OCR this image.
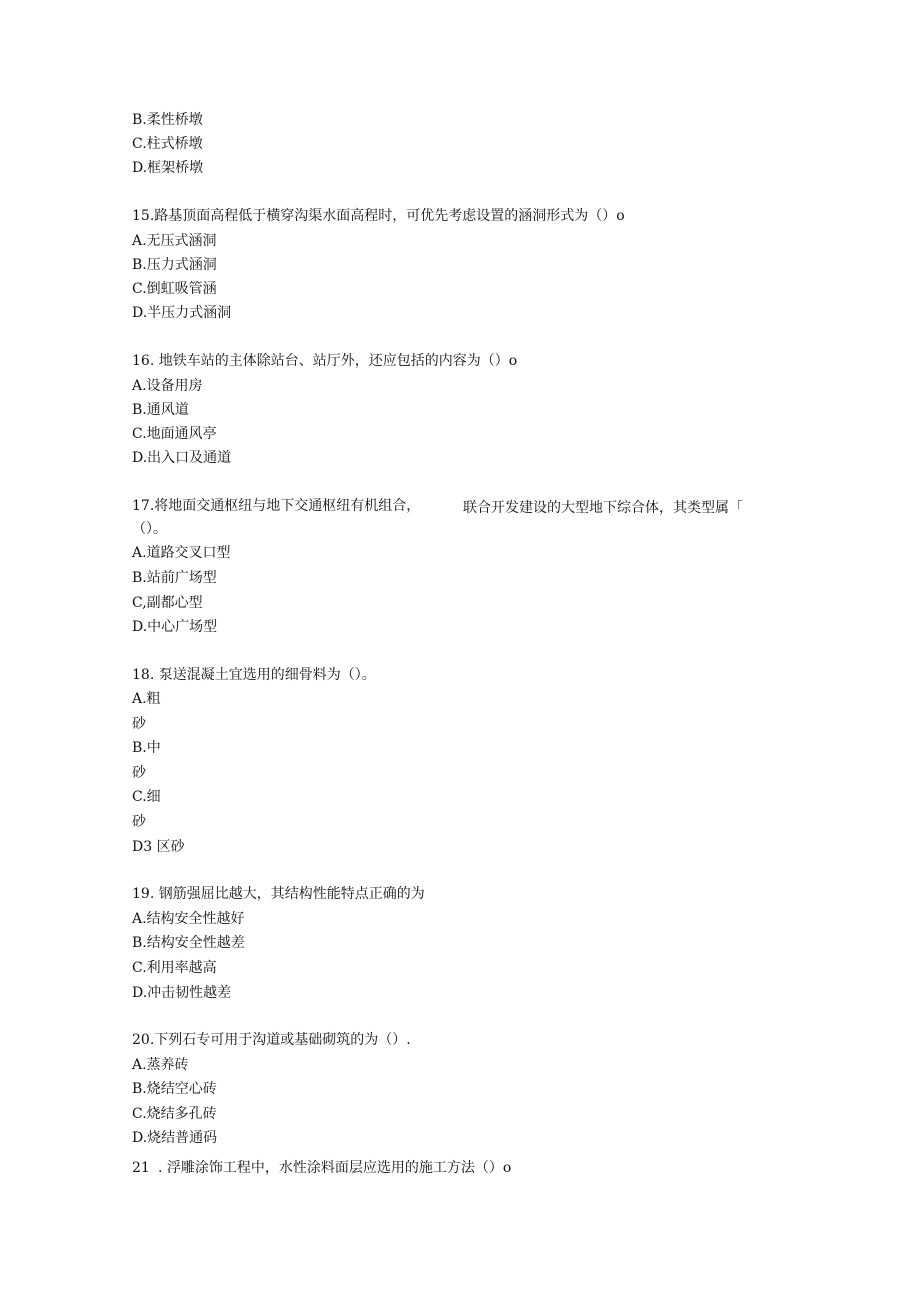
B.柔性桥墩
C.柱式桥墩
D.框架桥墩
15.路基顶面高程低于横穿沟渠水面高程时，可优先考虑设置的涵洞形式为（）o
A.无压式涵洞
B.压力式涵洞
C.倒虹吸管涵
D.半压力式涵洞
16. 地铁车站的主体除站台、站厅外，还应包括的内容为（）o
A.设备用房
B.通风道
C.地面通风亭
D.出入口及通道
17.将地面交通枢纽与地下交通枢纽有机组合，	联合开发建设的大型地下综合体，其类型属「
（）。
A.道路交叉口型
B.站前广场型
C,副都心型
D.中心广场型
18. 泵送混凝土宜选用的细骨料为（）。
A.粗
砂
B.中
砂
C.细
砂
D3 区砂
19. 钢筋强屈比越大，其结构性能特点正确的为
A.结构安全性越好
B.结构安全性越差
C.利用率越高
D.冲击韧性越差
20.下列石专可用于沟道或基础砌筑的为（）.
A.蒸养砖
B.烧结空心砖
C.烧结多孔砖
D.烧结普通码
21 . 浮雕涂饰工程中，水性涂料面层应选用的施工方法（）o
